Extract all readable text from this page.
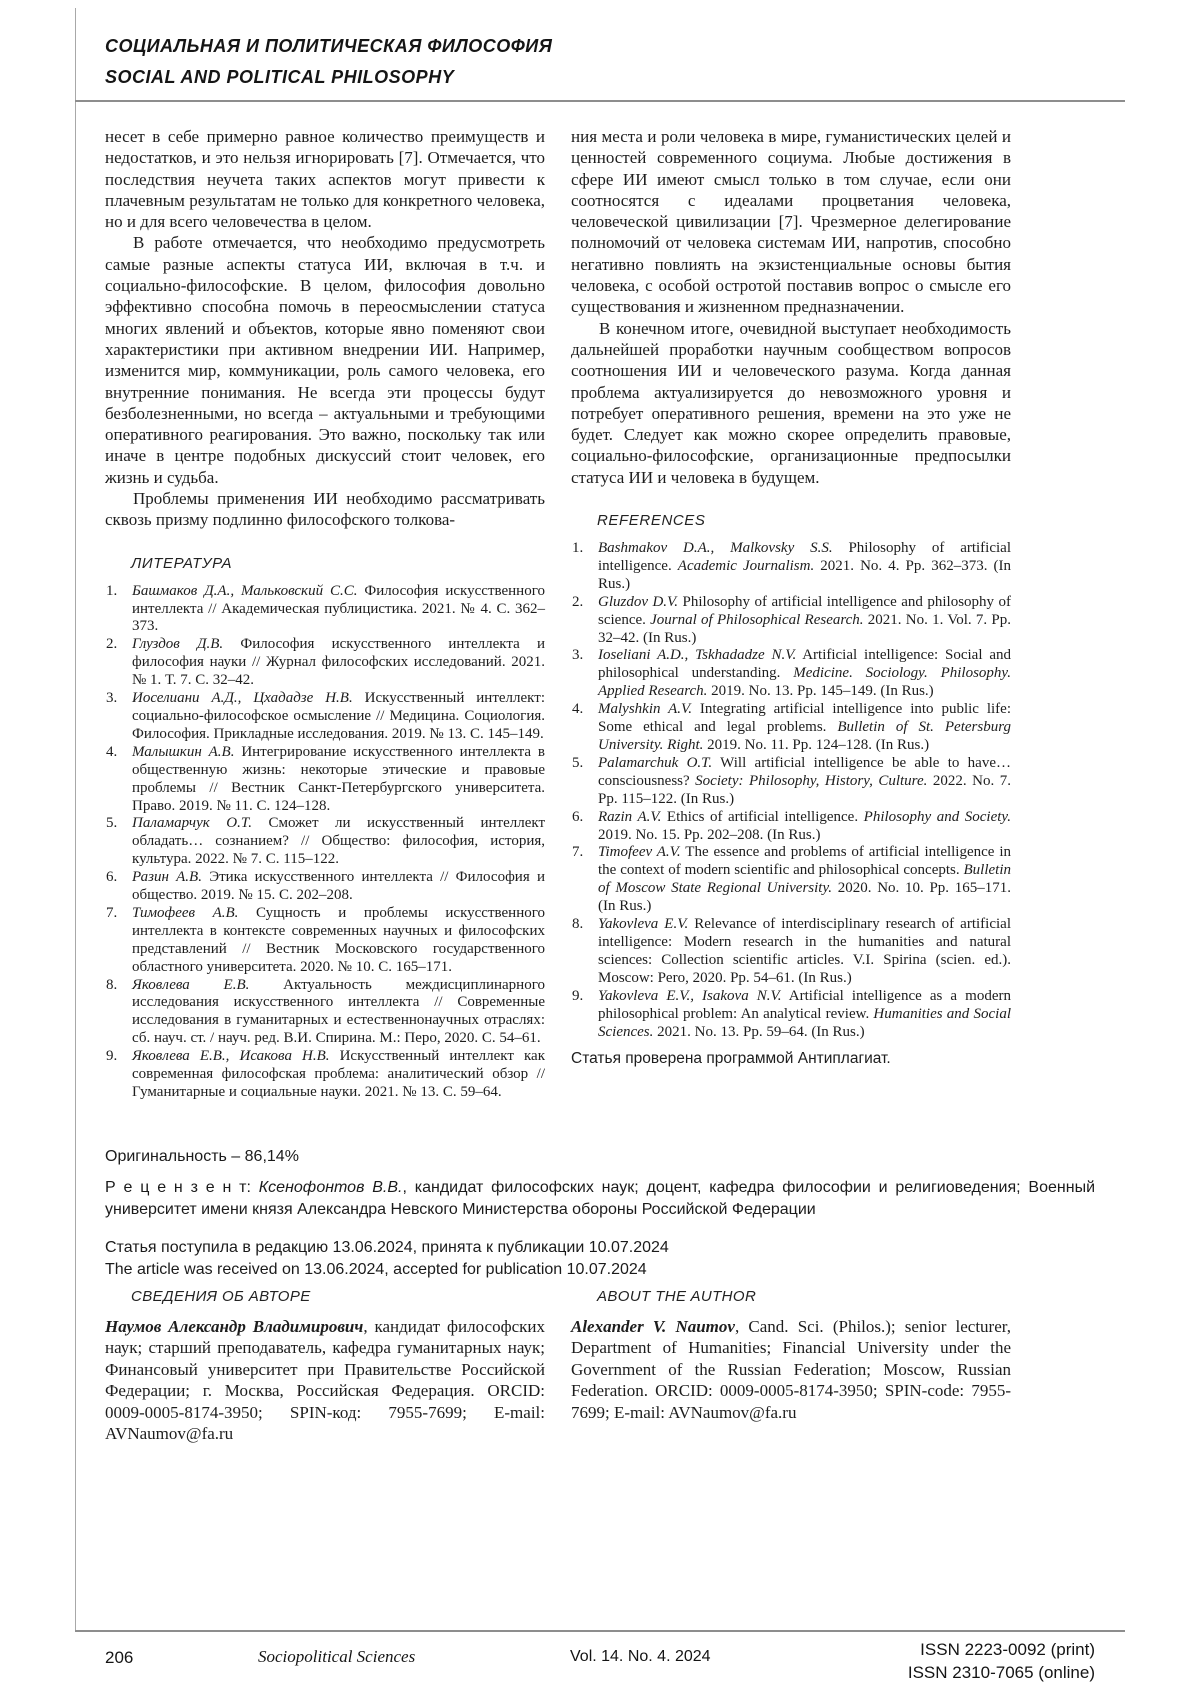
СОЦИАЛЬНАЯ И ПОЛИТИЧЕСКАЯ ФИЛОСОФИЯ
SOCIAL AND POLITICAL PHILOSOPHY

несет в себе примерно равное количество преимуществ и недостатков, и это нельзя игнорировать [7]. Отмечается, что последствия неучета таких аспектов могут привести к плачевным результатам не только для конкретного человека, но и для всего человечества в целом.

В работе отмечается, что необходимо предусмотреть самые разные аспекты статуса ИИ, включая в т.ч. и социально-философские. В целом, философия довольно эффективно способна помочь в переосмыслении статуса многих явлений и объектов, которые явно поменяют свои характеристики при активном внедрении ИИ. Например, изменится мир, коммуникации, роль самого человека, его внутренние понимания. Не всегда эти процессы будут безболезненными, но всегда – актуальными и требующими оперативного реагирования. Это важно, поскольку так или иначе в центре подобных дискуссий стоит человек, его жизнь и судьба.

Проблемы применения ИИ необходимо рассматривать сквозь призму подлинно философского толкова-

ЛИТЕРАТУРА
1. Башмаков Д.А., Мальковский С.С. Философия искусственного интеллекта // Академическая публицистика. 2021. № 4. С. 362–373.
2. Глуздов Д.В. Философия искусственного интеллекта и философия науки // Журнал философских исследований. 2021. № 1. Т. 7. С. 32–42.
3. Иоселиани А.Д., Цхададзе Н.В. Искусственный интеллект: социально-философское осмысление // Медицина. Социология. Философия. Прикладные исследования. 2019. № 13. С. 145–149.
4. Малышкин А.В. Интегрирование искусственного интеллекта в общественную жизнь: некоторые этические и правовые проблемы // Вестник Санкт-Петербургского университета. Право. 2019. № 11. С. 124–128.
5. Паламарчук О.Т. Сможет ли искусственный интеллект обладать… сознанием? // Общество: философия, история, культура. 2022. № 7. С. 115–122.
6. Разин А.В. Этика искусственного интеллекта // Философия и общество. 2019. № 15. С. 202–208.
7. Тимофеев А.В. Сущность и проблемы искусственного интеллекта в контексте современных научных и философских представлений // Вестник Московского государственного областного университета. 2020. № 10. С. 165–171.
8. Яковлева Е.В. Актуальность междисциплинарного исследования искусственного интеллекта // Современные исследования в гуманитарных и естественнонаучных отраслях: сб. науч. ст. / науч. ред. В.И. Спирина. М.: Перо, 2020. С. 54–61.
9. Яковлева Е.В., Исакова Н.В. Искусственный интеллект как современная философская проблема: аналитический обзор // Гуманитарные и социальные науки. 2021. № 13. С. 59–64.

ния места и роли человека в мире, гуманистических целей и ценностей современного социума. Любые достижения в сфере ИИ имеют смысл только в том случае, если они соотносятся с идеалами процветания человека, человеческой цивилизации [7]. Чрезмерное делегирование полномочий от человека системам ИИ, напротив, способно негативно повлиять на экзистенциальные основы бытия человека, с особой остротой поставив вопрос о смысле его существования и жизненном предназначении.

В конечном итоге, очевидной выступает необходимость дальнейшей проработки научным сообществом вопросов соотношения ИИ и человеческого разума. Когда данная проблема актуализируется до невозможного уровня и потребует оперативного решения, времени на это уже не будет. Следует как можно скорее определить правовые, социально-философские, организационные предпосылки статуса ИИ и человека в будущем.

REFERENCES
1. Bashmakov D.A., Malkovsky S.S. Philosophy of artificial intelligence. Academic Journalism. 2021. No. 4. Pp. 362–373. (In Rus.)
2. Gluzdov D.V. Philosophy of artificial intelligence and philosophy of science. Journal of Philosophical Research. 2021. No. 1. Vol. 7. Pp. 32–42. (In Rus.)
3. Ioseliani A.D., Tskhadadze N.V. Artificial intelligence: Social and philosophical understanding. Medicine. Sociology. Philosophy. Applied Research. 2019. No. 13. Pp. 145–149. (In Rus.)
4. Malyshkin A.V. Integrating artificial intelligence into public life: Some ethical and legal problems. Bulletin of St. Petersburg University. Right. 2019. No. 11. Pp. 124–128. (In Rus.)
5. Palamarchuk O.T. Will artificial intelligence be able to have… consciousness? Society: Philosophy, History, Culture. 2022. No. 7. Pp. 115–122. (In Rus.)
6. Razin A.V. Ethics of artificial intelligence. Philosophy and Society. 2019. No. 15. Pp. 202–208. (In Rus.)
7. Timofeev A.V. The essence and problems of artificial intelligence in the context of modern scientific and philosophical concepts. Bulletin of Moscow State Regional University. 2020. No. 10. Pp. 165–171. (In Rus.)
8. Yakovleva E.V. Relevance of interdisciplinary research of artificial intelligence: Modern research in the humanities and natural sciences: Collection scientific articles. V.I. Spirina (scien. ed.). Moscow: Pero, 2020. Pp. 54–61. (In Rus.)
9. Yakovleva E.V., Isakova N.V. Artificial intelligence as a modern philosophical problem: An analytical review. Humanities and Social Sciences. 2021. No. 13. Pp. 59–64. (In Rus.)

Статья проверена программой Антиплагиат.

Оригинальность – 86,14%

Р е ц е н з е н т: Ксенофонтов В.В., кандидат философских наук; доцент, кафедра философии и религиоведения; Военный университет имени князя Александра Невского Министерства обороны Российской Федерации

Статья поступила в редакцию 13.06.2024, принята к публикации 10.07.2024

The article was received on 13.06.2024, accepted for publication 10.07.2024

СВЕДЕНИЯ ОБ АВТОРЕ

Наумов Александр Владимирович, кандидат философских наук; старший преподаватель, кафедра гуманитарных наук; Финансовый университет при Правительстве Российской Федерации; г. Москва, Российская Федерация. ORCID: 0009-0005-8174-3950; SPIN-код: 7955-7699; E-mail: AVNaumov@fa.ru

ABOUT THE AUTHOR

Alexander V. Naumov, Cand. Sci. (Philos.); senior lecturer, Department of Humanities; Financial University under the Government of the Russian Federation; Moscow, Russian Federation. ORCID: 0009-0005-8174-3950; SPIN-code: 7955-7699; E-mail: AVNaumov@fa.ru

206	Sociopolitical Sciences	Vol. 14. No. 4. 2024	ISSN 2223-0092 (print)
ISSN 2310-7065 (online)
